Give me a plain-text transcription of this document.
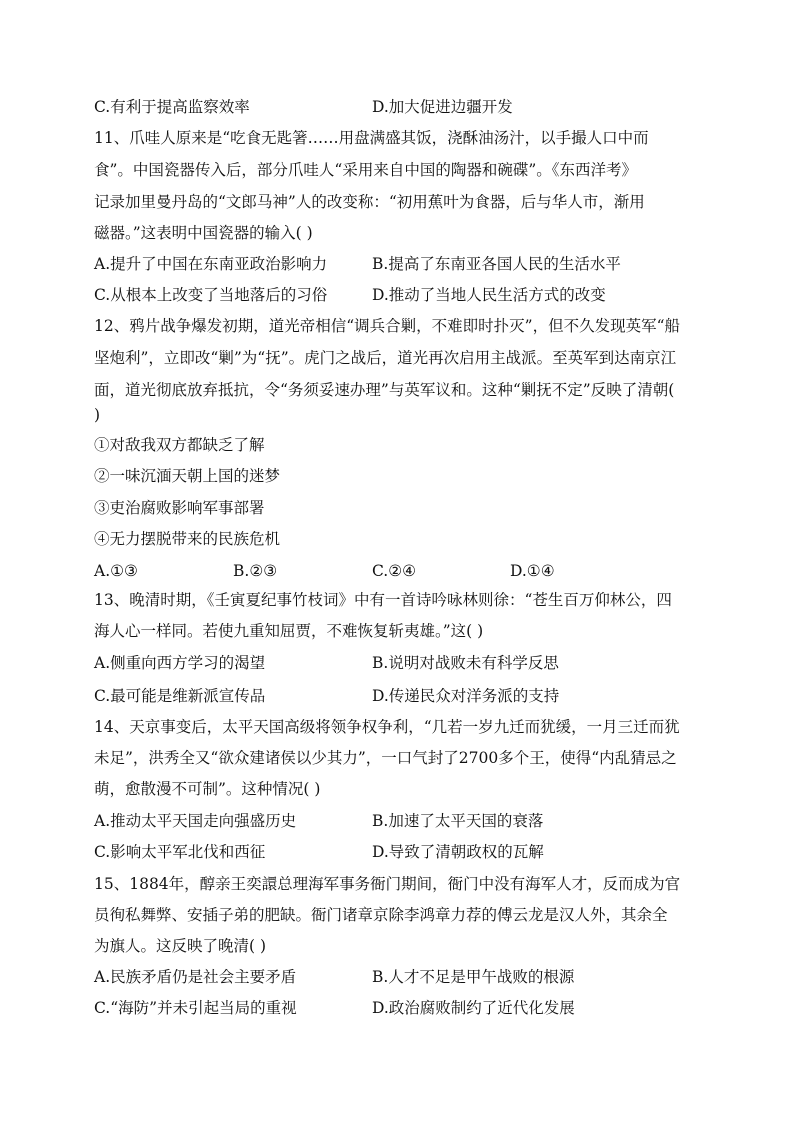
C.有利于提高监察效率	D.加大促进边疆开发
11、爪哇人原来是“吃食无匙箸……用盘满盛其饭，浇酥油汤汁，以手撮人口中而
食”。中国瓷器传入后，部分爪哇人“采用来自中国的陶器和碗碟”。《东西洋考》
记录加里曼丹岛的“文郎马神”人的改变称：“初用蕉叶为食器，后与华人市，渐用
磁器。”这表明中国瓷器的输入( )
A.提升了中国在东南亚政治影响力	B.提高了东南亚各国人民的生活水平
C.从根本上改变了当地落后的习俗	D.推动了当地人民生活方式的改变
12、鸦片战争爆发初期，道光帝相信“调兵合剿，不难即时扑灭”，但不久发现英军“船
坚炮利”，立即改“剿”为“抚”。虎门之战后，道光再次启用主战派。至英军到达南京江
面，道光彻底放弃抵抗，令“务须妥速办理”与英军议和。这种“剿抚不定”反映了清朝(
)
①对敌我双方都缺乏了解
②一味沉湎天朝上国的迷梦
③吏治腐败影响军事部署
④无力摆脱带来的民族危机
A.①③	B.②③	C.②④	D.①④
13、晚清时期，《壬寅夏纪事竹枝词》中有一首诗吟咏林则徐：“苍生百万仰林公，四
海人心一样同。若使九重知屈贾，不难恢复斩夷雄。”这( )
A.侧重向西方学习的渴望	B.说明对战败未有科学反思
C.最可能是维新派宣传品	D.传递民众对洋务派的支持
14、天京事变后，太平天国高级将领争权争利，“几若一岁九迁而犹缓，一月三迁而犹
未足”，洪秀全又“欲众建诸侯以少其力”，一口气封了2700多个王，使得“内乱猜忌之
萌，愈散漫不可制”。这种情况( )
A.推动太平天国走向强盛历史	B.加速了太平天国的衰落
C.影响太平军北伐和西征	D.导致了清朝政权的瓦解
15、1884年，醇亲王奕譞总理海军事务衙门期间，衙门中没有海军人才，反而成为官
员徇私舞弊、安插子弟的肥缺。衙门诸章京除李鸿章力荐的傅云龙是汉人外，其余全
为旗人。这反映了晚清( )
A.民族矛盾仍是社会主要矛盾	B.人才不足是甲午战败的根源
C.“海防”并未引起当局的重视	D.政治腐败制约了近代化发展
